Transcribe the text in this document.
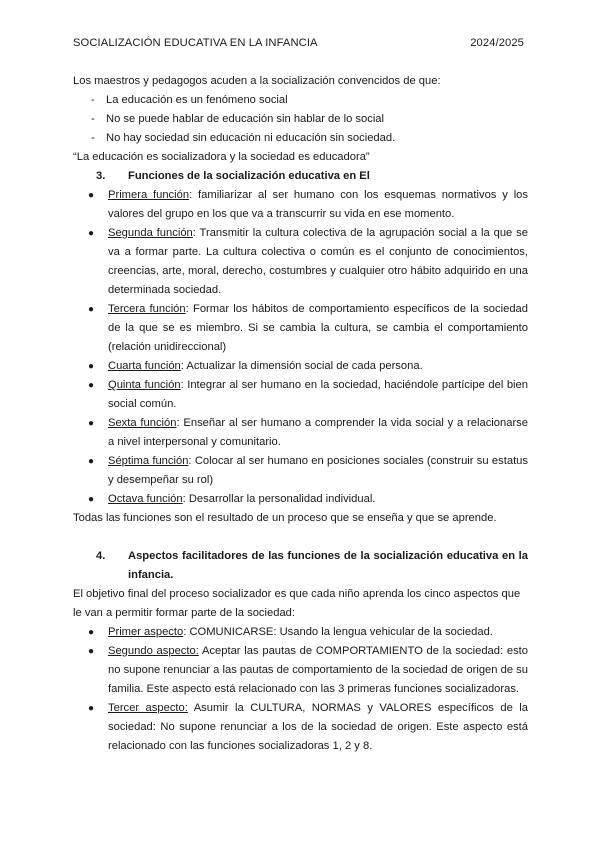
SOCIALIZACIÓN EDUCATIVA EN LA INFANCIA	2024/2025

Los maestros y pedagogos acuden a la socialización convencidos de que:

- La educación es un fenómeno social
- No se puede hablar de educación sin hablar de lo social
- No hay sociedad sin educación ni educación sin sociedad.

“La educación es socializadora y la sociedad es educadora”

3.	Funciones de la socialización educativa en El
● Primera función: familiarizar al ser humano con los esquemas normativos y los valores del grupo en los que va a transcurrir su vida en ese momento.
● Segunda función: Transmitir la cultura colectiva de la agrupación social a la que se va a formar parte. La cultura colectiva o común es el conjunto de conocimientos, creencias, arte, moral, derecho, costumbres y cualquier otro hábito adquirido en una determinada sociedad.
● Tercera función: Formar los hábitos de comportamiento específicos de la sociedad de la que se es miembro. Si se cambia la cultura, se cambia el comportamiento (relación unidireccional)
● Cuarta función: Actualizar la dimensión social de cada persona.
● Quinta función: Integrar al ser humano en la sociedad, haciéndole partícipe del bien social común.
● Sexta función: Enseñar al ser humano a comprender la vida social y a relacionarse a nivel interpersonal y comunitario.
● Séptima función: Colocar al ser humano en posiciones sociales (construir su estatus y desempeñar su rol)
● Octava función: Desarrollar la personalidad individual.

Todas las funciones son el resultado de un proceso que se enseña y que se aprende.

4.	Aspectos facilitadores de las funciones de la socialización educativa en la infancia.

El objetivo final del proceso socializador es que cada niño aprenda los cinco aspectos que le van a permitir formar parte de la sociedad:

● Primer aspecto: COMUNICARSE: Usando la lengua vehicular de la sociedad.
● Segundo aspecto: Aceptar las pautas de COMPORTAMIENTO de la sociedad: esto no supone renunciar a las pautas de comportamiento de la sociedad de origen de su familia. Este aspecto está relacionado con las 3 primeras funciones socializadoras.
● Tercer aspecto: Asumir la CULTURA, NORMAS y VALORES específicos de la sociedad: No supone renunciar a los de la sociedad de origen. Este aspecto está relacionado con las funciones socializadoras 1, 2 y 8.
